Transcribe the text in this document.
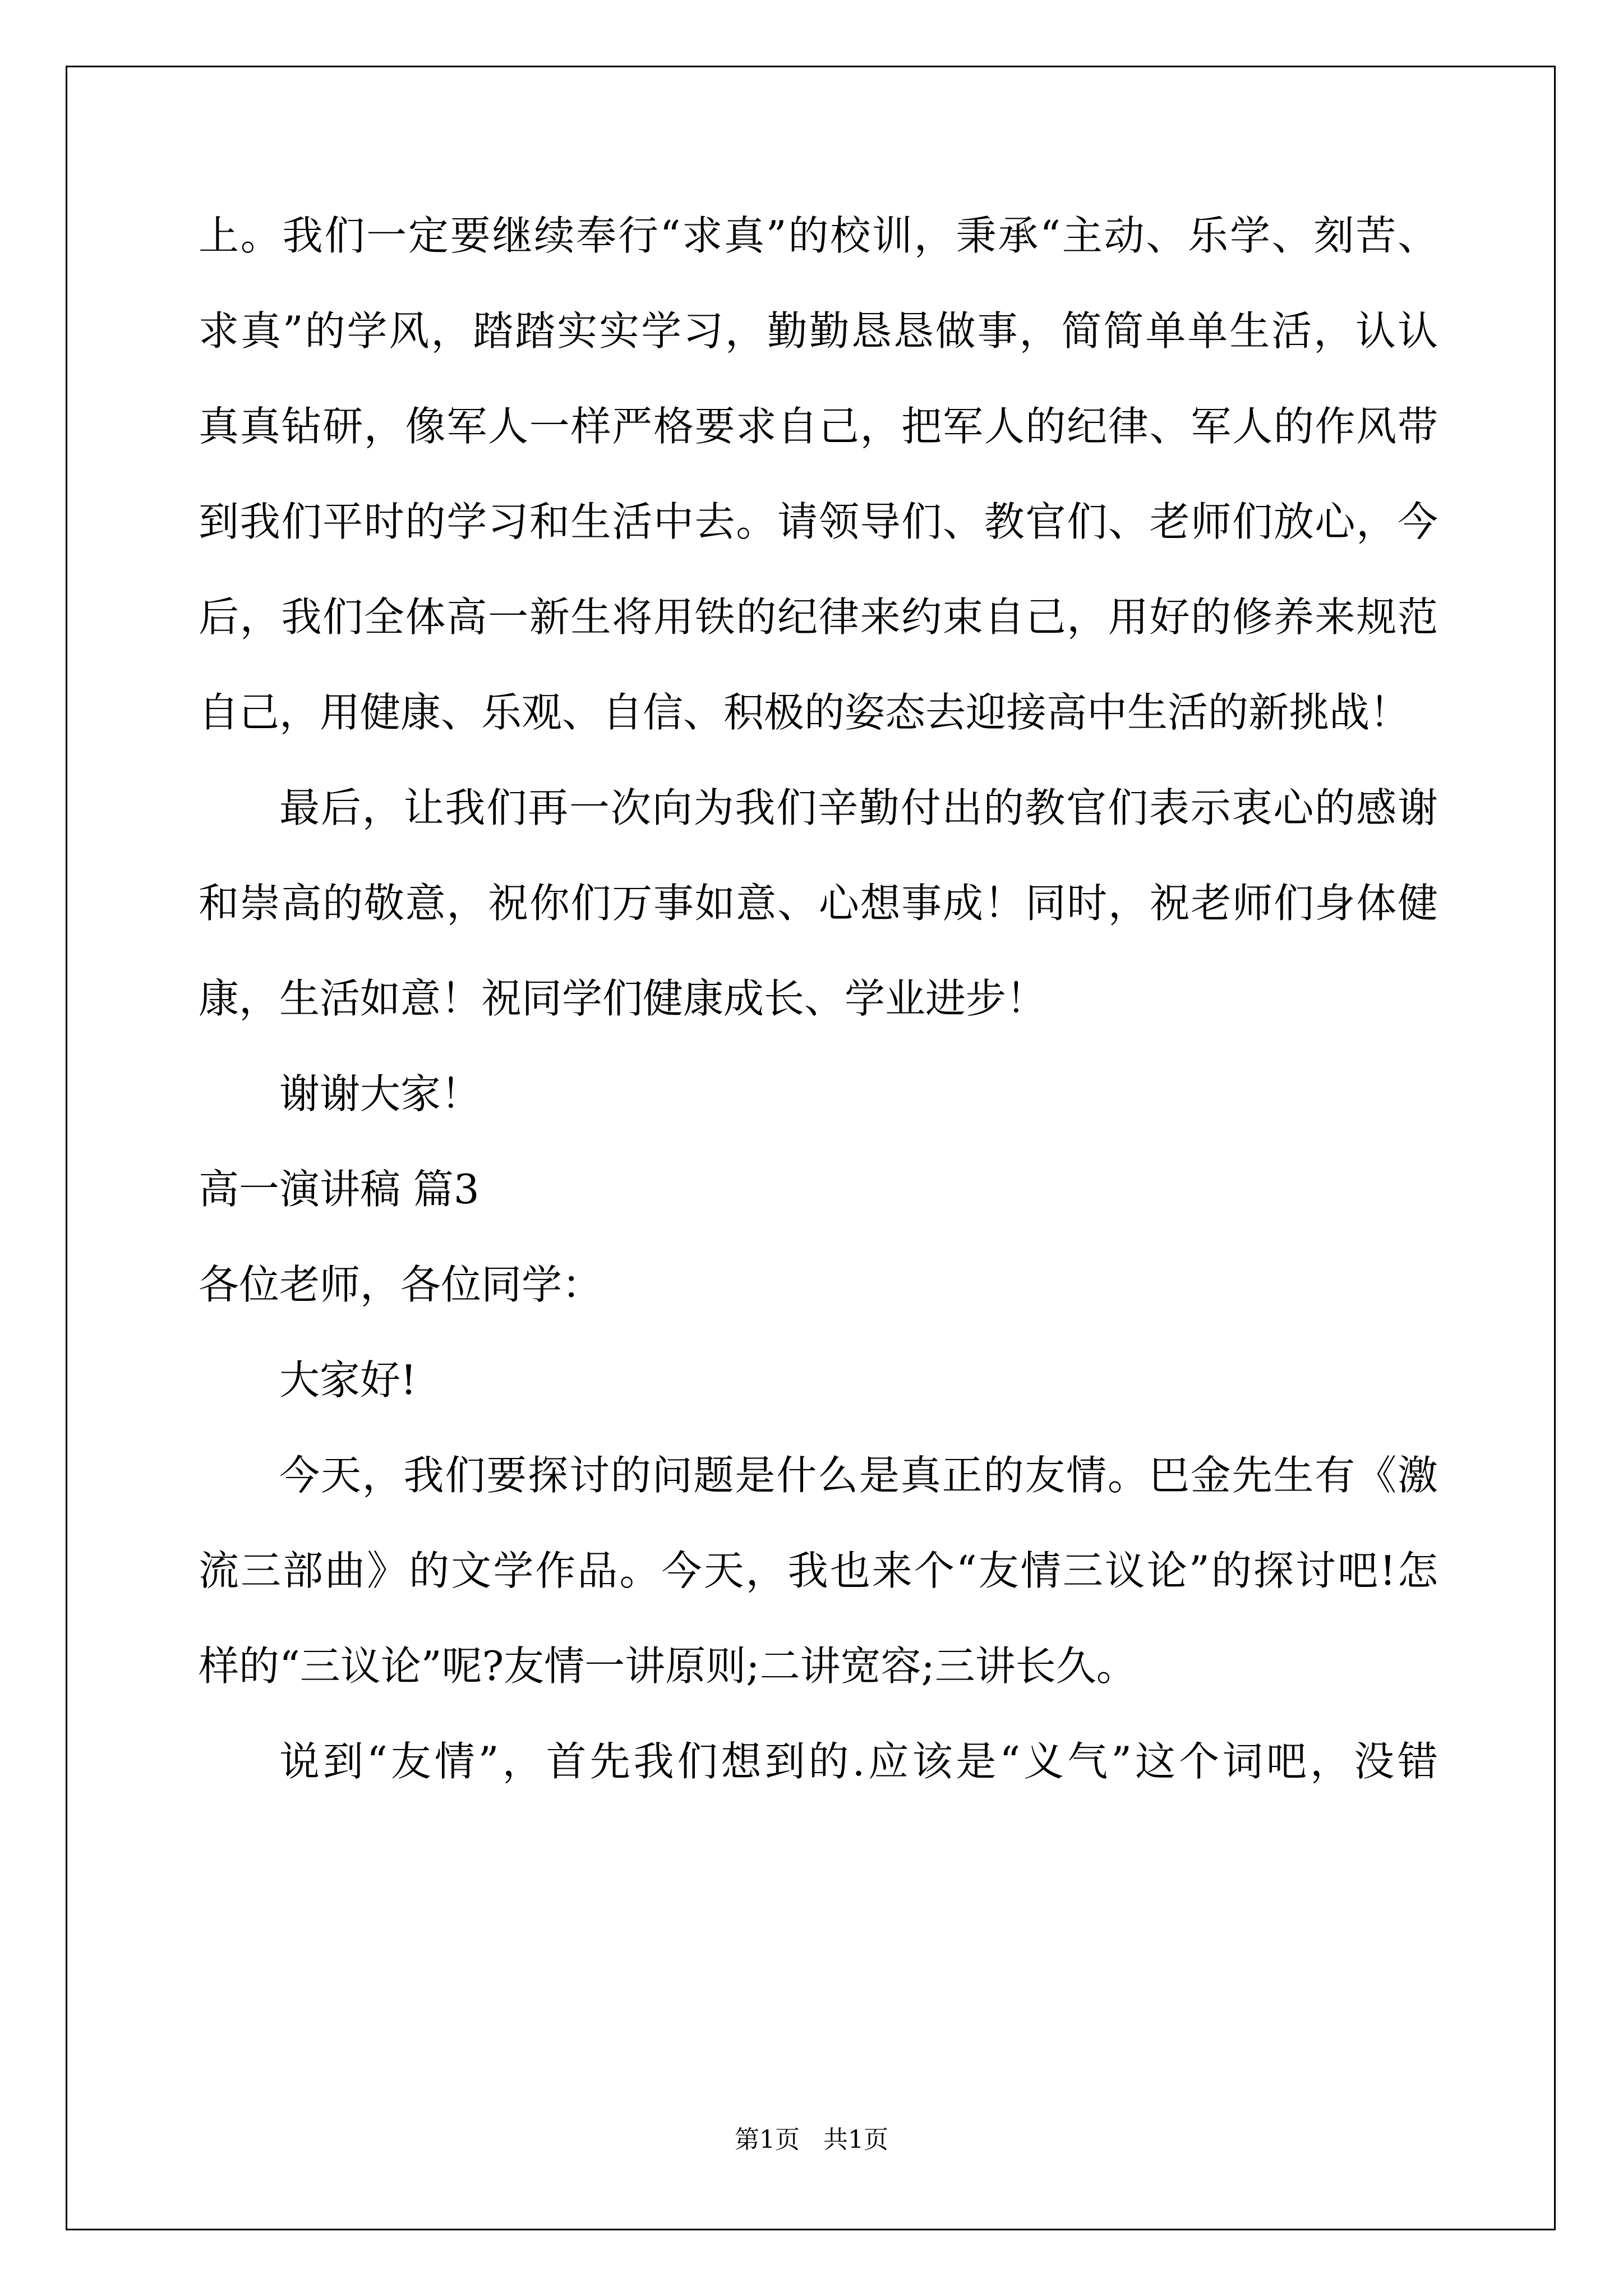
上。我们一定要继续奉行“求真”的校训，秉承“主动、乐学、刻苦、
求真”的学风，踏踏实实学习，勤勤恳恳做事，简简单单生活，认认
真真钻研，像军人一样严格要求自己，把军人的纪律、军人的作风带
到我们平时的学习和生活中去。请领导们、教官们、老师们放心，今
后，我们全体高一新生将用铁的纪律来约束自己，用好的修养来规范
自己，用健康、乐观、自信、积极的姿态去迎接高中生活的新挑战！
最后，让我们再一次向为我们辛勤付出的教官们表示衷心的感谢
和崇高的敬意，祝你们万事如意、心想事成！同时，祝老师们身体健
康，生活如意！祝同学们健康成长、学业进步！
谢谢大家！
高一演讲稿 篇3
各位老师，各位同学：
大家好!
今天，我们要探讨的问题是什么是真正的友情。巴金先生有《激
流三部曲》的文学作品。今天，我也来个“友情三议论”的探讨吧!怎
样的“三议论”呢?友情一讲原则;二讲宽容;三讲长久。
说到“友情”，首先我们想到的.应该是“义气”这个词吧，没错
第1页   共1页
